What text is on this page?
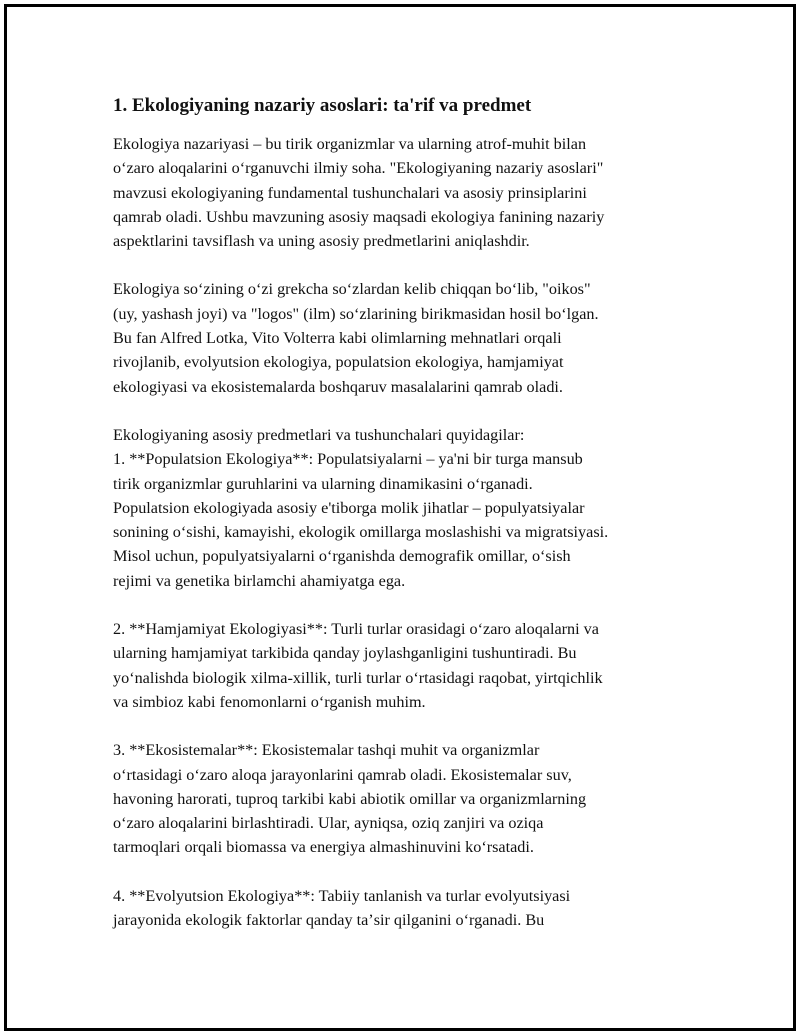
1. Ekologiyaning nazariy asoslari: ta'rif va predmet

Ekologiya nazariyasi – bu tirik organizmlar va ularning atrof-muhit bilan
oʻzaro aloqalarini oʻrganuvchi ilmiy soha. "Ekologiyaning nazariy asoslari"
mavzusi ekologiyaning fundamental tushunchalari va asosiy prinsiplarini
qamrab oladi. Ushbu mavzuning asosiy maqsadi ekologiya fanining nazariy
aspektlarini tavsiflash va uning asosiy predmetlarini aniqlashdir.

Ekologiya soʻzining oʻzi grekcha soʻzlardan kelib chiqqan boʻlib, "oikos"
(uy, yashash joyi) va "logos" (ilm) soʻzlarining birikmasidan hosil boʻlgan.
Bu fan Alfred Lotka, Vito Volterra kabi olimlarning mehnatlari orqali
rivojlanib, evolyutsion ekologiya, populatsion ekologiya, hamjamiyat
ekologiyasi va ekosistemalarda boshqaruv masalalarini qamrab oladi.

Ekologiyaning asosiy predmetlari va tushunchalari quyidagilar:
1. **Populatsion Ekologiya**: Populatsiyalarni – ya'ni bir turga mansub
tirik organizmlar guruhlarini va ularning dinamikasini oʻrganadi.
Populatsion ekologiyada asosiy e'tiborga molik jihatlar – populyatsiyalar
sonining oʻsishi, kamayishi, ekologik omillarga moslashishi va migratsiyasi.
Misol uchun, populyatsiyalarni oʻrganishda demografik omillar, oʻsish
rejimi va genetika birlamchi ahamiyatga ega.

2. **Hamjamiyat Ekologiyasi**: Turli turlar orasidagi oʻzaro aloqalarni va
ularning hamjamiyat tarkibida qanday joylashganligini tushuntiradi. Bu
yoʻnalishda biologik xilma-xillik, turli turlar oʻrtasidagi raqobat, yirtqichlik
va simbioz kabi fenomonlarni oʻrganish muhim.

3. **Ekosistemalar**: Ekosistemalar tashqi muhit va organizmlar
oʻrtasidagi oʻzaro aloqa jarayonlarini qamrab oladi. Ekosistemalar suv,
havoning harorati, tuproq tarkibi kabi abiotik omillar va organizmlarning
oʻzaro aloqalarini birlashtiradi. Ular, ayniqsa, oziq zanjiri va oziqa
tarmoqlari orqali biomassa va energiya almashinuvini koʻrsatadi.

4. **Evolyutsion Ekologiya**: Tabiiy tanlanish va turlar evolyutsiyasi
jarayonida ekologik faktorlar qanday taʼsir qilganini oʻrganadi. Bu
